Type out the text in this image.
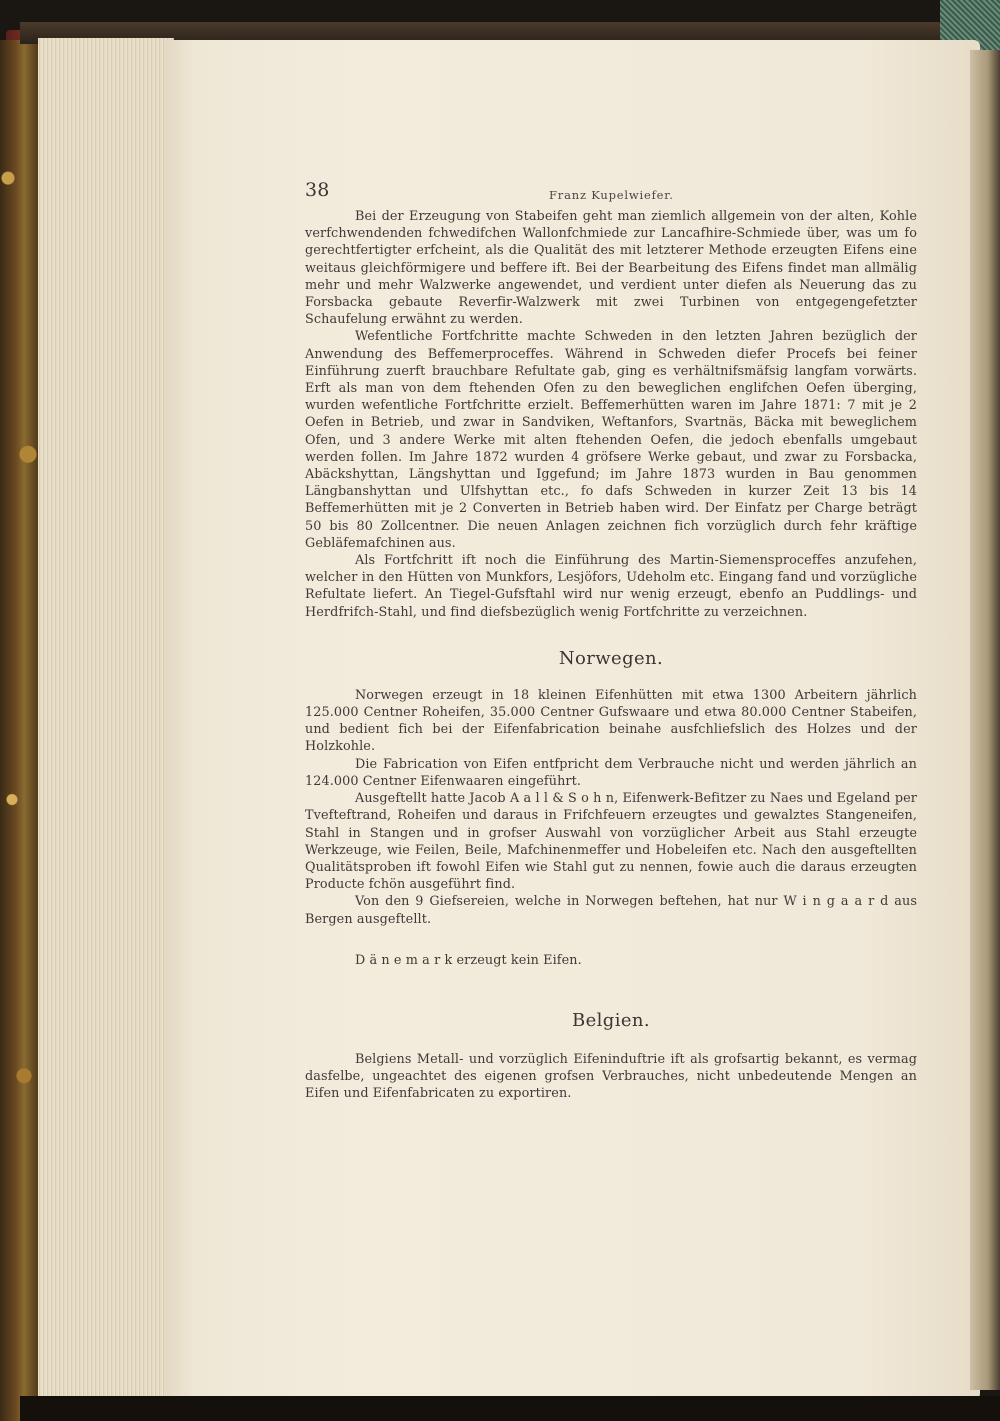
38	Franz Kupelwiefer.

Bei der Erzeugung von Stabeifen geht man ziemlich allgemein von der alten, Kohle verfchwendenden fchwedifchen Wallonfchmiede zur Lancafhire-Schmiede über, was um fo gerechtfertigter erfcheint, als die Qualität des mit letzterer Methode erzeugten Eifens eine weitaus gleichförmigere und beffere ift. Bei der Bearbeitung des Eifens findet man allmälig mehr und mehr Walzwerke angewendet, und verdient unter diefen als Neuerung das zu Forsbacka gebaute Reverfir-Walzwerk mit zwei Turbinen von entgegengefetzter Schaufelung erwähnt zu werden.

Wefentliche Fortfchritte machte Schweden in den letzten Jahren bezüglich der Anwendung des Beffemerproceffes. Während in Schweden diefer Procefs bei feiner Einführung zuerft brauchbare Refultate gab, ging es verhältnifsmäfsig langfam vorwärts. Erft als man von dem ftehenden Ofen zu den beweglichen englifchen Oefen überging, wurden wefentliche Fortfchritte erzielt. Beffemerhütten waren im Jahre 1871: 7 mit je 2 Oefen in Betrieb, und zwar in Sandviken, Weftanfors, Svartnäs, Bäcka mit beweglichem Ofen, und 3 andere Werke mit alten ftehenden Oefen, die jedoch ebenfalls umgebaut werden follen. Im Jahre 1872 wurden 4 gröfsere Werke gebaut, und zwar zu Forsbacka, Abäckshyttan, Längshyttan und Iggefund; im Jahre 1873 wurden in Bau genommen Längbanshyttan und Ulfshyttan etc., fo dafs Schweden in kurzer Zeit 13 bis 14 Beffemerhütten mit je 2 Converten in Betrieb haben wird. Der Einfatz per Charge beträgt 50 bis 80 Zollcentner. Die neuen Anlagen zeichnen fich vorzüglich durch fehr kräftige Gebläfemafchinen aus.

Als Fortfchritt ift noch die Einführung des Martin-Siemensproceffes anzufehen, welcher in den Hütten von Munkfors, Lesjöfors, Udeholm etc. Eingang fand und vorzügliche Refultate liefert. An Tiegel-Gufsftahl wird nur wenig erzeugt, ebenfo an Puddlings- und Herdfrifch-Stahl, und find diefsbezüglich wenig Fortfchritte zu verzeichnen.

Norwegen.

Norwegen erzeugt in 18 kleinen Eifenhütten mit etwa 1300 Arbeitern jährlich 125.000 Centner Roheifen, 35.000 Centner Gufswaare und etwa 80.000 Centner Stabeifen, und bedient fich bei der Eifenfabrication beinahe ausfchliefslich des Holzes und der Holzkohle.

Die Fabrication von Eifen entfpricht dem Verbrauche nicht und werden jährlich an 124.000 Centner Eifenwaaren eingeführt.

Ausgeftellt hatte Jacob A a l l & S o h n, Eifenwerk-Befitzer zu Naes und Egeland per Tvefteftrand, Roheifen und daraus in Frifchfeuern erzeugtes und gewalztes Stangeneifen, Stahl in Stangen und in grofser Auswahl von vorzüglicher Arbeit aus Stahl erzeugte Werkzeuge, wie Feilen, Beile, Mafchinenmeffer und Hobeleifen etc. Nach den ausgeftellten Qualitätsproben ift fowohl Eifen wie Stahl gut zu nennen, fowie auch die daraus erzeugten Producte fchön ausgeführt find.

Von den 9 Giefsereien, welche in Norwegen beftehen, hat nur W i n g a a r d aus Bergen ausgeftellt.

D ä n e m a r k erzeugt kein Eifen.

Belgien.

Belgiens Metall- und vorzüglich Eifeninduftrie ift als grofsartig bekannt, es vermag dasfelbe, ungeachtet des eigenen grofsen Verbrauches, nicht unbedeutende Mengen an Eifen und Eifenfabricaten zu exportiren.
